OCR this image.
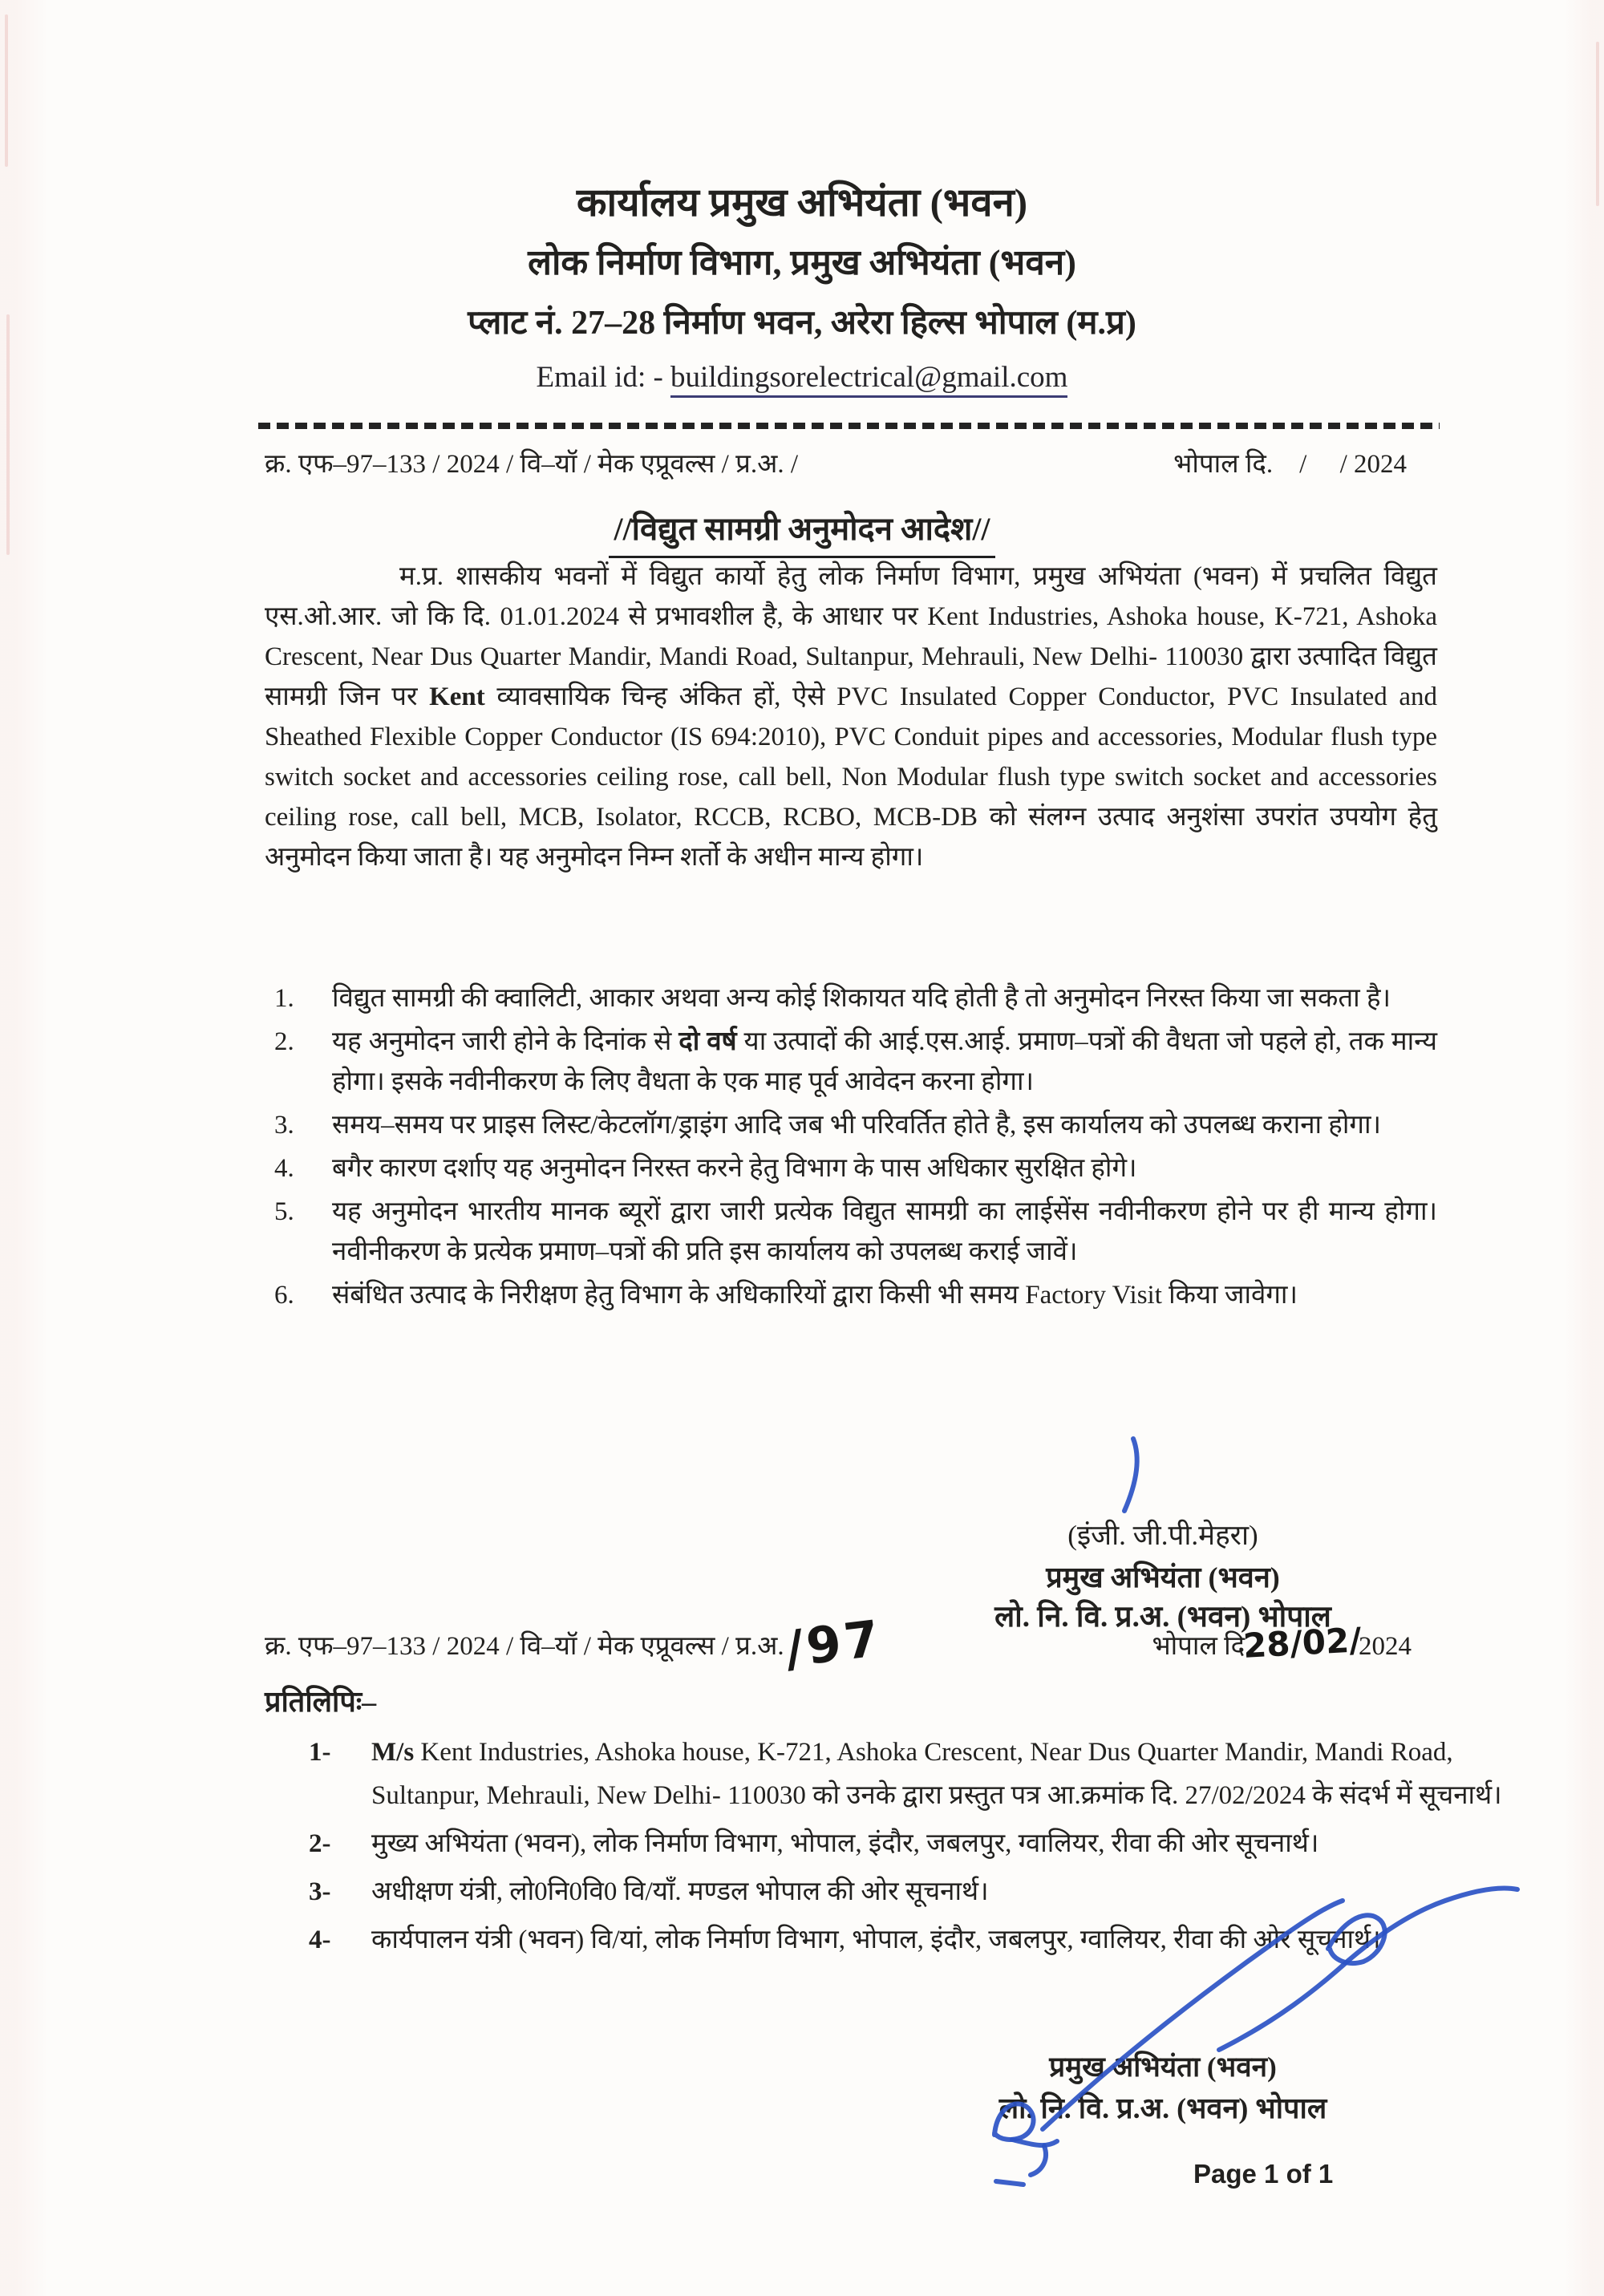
कार्यालय प्रमुख अभियंता (भवन)
लोक निर्माण विभाग, प्रमुख अभियंता (भवन)
प्लाट नं. 27–28 निर्माण भवन, अरेरा हिल्स भोपाल (म.प्र)
Email id: - buildingsorelectrical@gmail.com
क्र. एफ–97–133 / 2024 / वि–यॉ / मेक एप्रूवल्स / प्र.अ. /	भोपाल दि.    /     / 2024
//विद्युत सामग्री अनुमोदन आदेश//
म.प्र. शासकीय भवनों में विद्युत कार्यो हेतु लोक निर्माण विभाग, प्रमुख अभियंता (भवन) में प्रचलित विद्युत एस.ओ.आर. जो कि दि. 01.01.2024 से प्रभावशील है, के आधार पर Kent Industries, Ashoka house, K-721, Ashoka Crescent, Near Dus Quarter Mandir, Mandi Road, Sultanpur, Mehrauli, New Delhi- 110030 द्वारा उत्पादित विद्युत सामग्री जिन पर Kent व्यावसायिक चिन्ह अंकित हों, ऐसे PVC Insulated Copper Conductor, PVC Insulated and Sheathed Flexible Copper Conductor (IS 694:2010), PVC Conduit pipes and accessories, Modular flush type switch socket and accessories ceiling rose, call bell, Non Modular flush type switch socket and accessories ceiling rose, call bell, MCB, Isolator, RCCB, RCBO, MCB-DB को संलग्न उत्पाद अनुशंसा उपरांत उपयोग हेतु अनुमोदन किया जाता है। यह अनुमोदन निम्न शर्तो के अधीन मान्य होगा।
1.	विद्युत सामग्री की क्वालिटी, आकार अथवा अन्य कोई शिकायत यदि होती है तो अनुमोदन निरस्त किया जा सकता है।
2.	यह अनुमोदन जारी होने के दिनांक से दो वर्ष या उत्पादों की आई.एस.आई. प्रमाण–पत्रों की वैधता जो पहले हो, तक मान्य होगा। इसके नवीनीकरण के लिए वैधता के एक माह पूर्व आवेदन करना होगा।
3.	समय–समय पर प्राइस लिस्ट/केटलॉग/ड्राइंग आदि जब भी परिवर्तित होते है, इस कार्यालय को उपलब्ध कराना होगा।
4.	बगैर कारण दर्शाए यह अनुमोदन निरस्त करने हेतु विभाग के पास अधिकार सुरक्षित होगे।
5.	यह अनुमोदन भारतीय मानक ब्यूरों द्वारा जारी प्रत्येक विद्युत सामग्री का लाईसेंस नवीनीकरण होने पर ही मान्य होगा। नवीनीकरण के प्रत्येक प्रमाण–पत्रों की प्रति इस कार्यालय को उपलब्ध कराई जावें।
6.	संबंधित उत्पाद के निरीक्षण हेतु विभाग के अधिकारियों द्वारा किसी भी समय Factory Visit किया जावेगा।
(इंजी. जी.पी.मेहरा)
प्रमुख अभियंता (भवन)
लो. नि. वि. प्र.अ. (भवन) भोपाल
क्र. एफ–97–133 / 2024 / वि–यॉ / मेक एप्रूवल्स / प्र.अ./97	भोपाल दि.28/02/2024
प्रतिलिपिः–
1-	M/s Kent Industries, Ashoka house, K-721, Ashoka Crescent, Near Dus Quarter Mandir, Mandi Road, Sultanpur, Mehrauli, New Delhi- 110030 को उनके द्वारा प्रस्तुत पत्र आ.क्रमांक दि. 27/02/2024 के संदर्भ में सूचनार्थ।
2-	मुख्य अभियंता (भवन), लोक निर्माण विभाग, भोपाल, इंदौर, जबलपुर, ग्वालियर, रीवा की ओर सूचनार्थ।
3-	अधीक्षण यंत्री, लो0नि0वि0 वि/याँ. मण्डल भोपाल की ओर सूचनार्थ।
4-	कार्यपालन यंत्री (भवन) वि/यां, लोक निर्माण विभाग, भोपाल, इंदौर, जबलपुर, ग्वालियर, रीवा की ओर सूचनार्थ।
प्रमुख अभियंता (भवन)
लो. नि. वि. प्र.अ. (भवन) भोपाल
Page 1 of 1
